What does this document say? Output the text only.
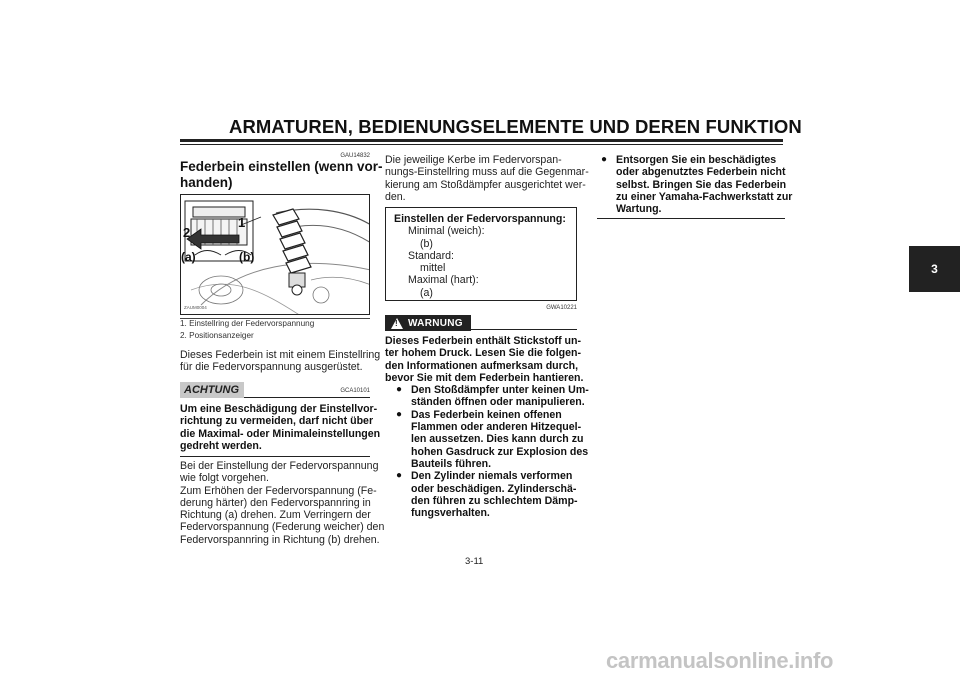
ARMATUREN, BEDIENUNGSELEMENTE UND DEREN FUNKTION
3
GAU14832
Federbein einstellen (wenn vor-
handen)
1
2
(a)	(b)
ZAUM0004
1. Einstellring der Federvorspannung
2. Positionsanzeiger
Dieses Federbein ist mit einem Einstellring
für die Federvorspannung ausgerüstet.
ACHTUNG	GCA10101
Um eine Beschädigung der Einstellvor-
richtung zu vermeiden, darf nicht über
die Maximal- oder Minimaleinstellungen
gedreht werden.
Bei der Einstellung der Federvorspannung
wie folgt vorgehen.
Zum Erhöhen der Federvorspannung (Fe-
derung härter) den Federvorspannring in
Richtung (a) drehen. Zum Verringern der
Federvorspannung (Federung weicher) den
Federvorspannring in Richtung (b) drehen.
Die jeweilige Kerbe im Federvorspan-
nungs-Einstellring muss auf die Gegenmar-
kierung am Stoßdämpfer ausgerichtet wer-
den.
Einstellen der Federvorspannung:
Minimal (weich):
(b)
Standard:
mittel
Maximal (hart):
(a)
GWA10221
! WARNUNG
Dieses Federbein enthält Stickstoff un-
ter hohem Druck. Lesen Sie die folgen-
den Informationen aufmerksam durch,
bevor Sie mit dem Federbein hantieren.
● Den Stoßdämpfer unter keinen Um-
ständen öffnen oder manipulieren.
● Das Federbein keinen offenen
Flammen oder anderen Hitzequel-
len aussetzen. Dies kann durch zu
hohen Gasdruck zur Explosion des
Bauteils führen.
● Den Zylinder niemals verformen
oder beschädigen. Zylinderschä-
den führen zu schlechtem Dämp-
fungsverhalten.
● Entsorgen Sie ein beschädigtes
oder abgenutztes Federbein nicht
selbst. Bringen Sie das Federbein
zu einer Yamaha-Fachwerkstatt zur
Wartung.
3-11
carmanualsonline.info
